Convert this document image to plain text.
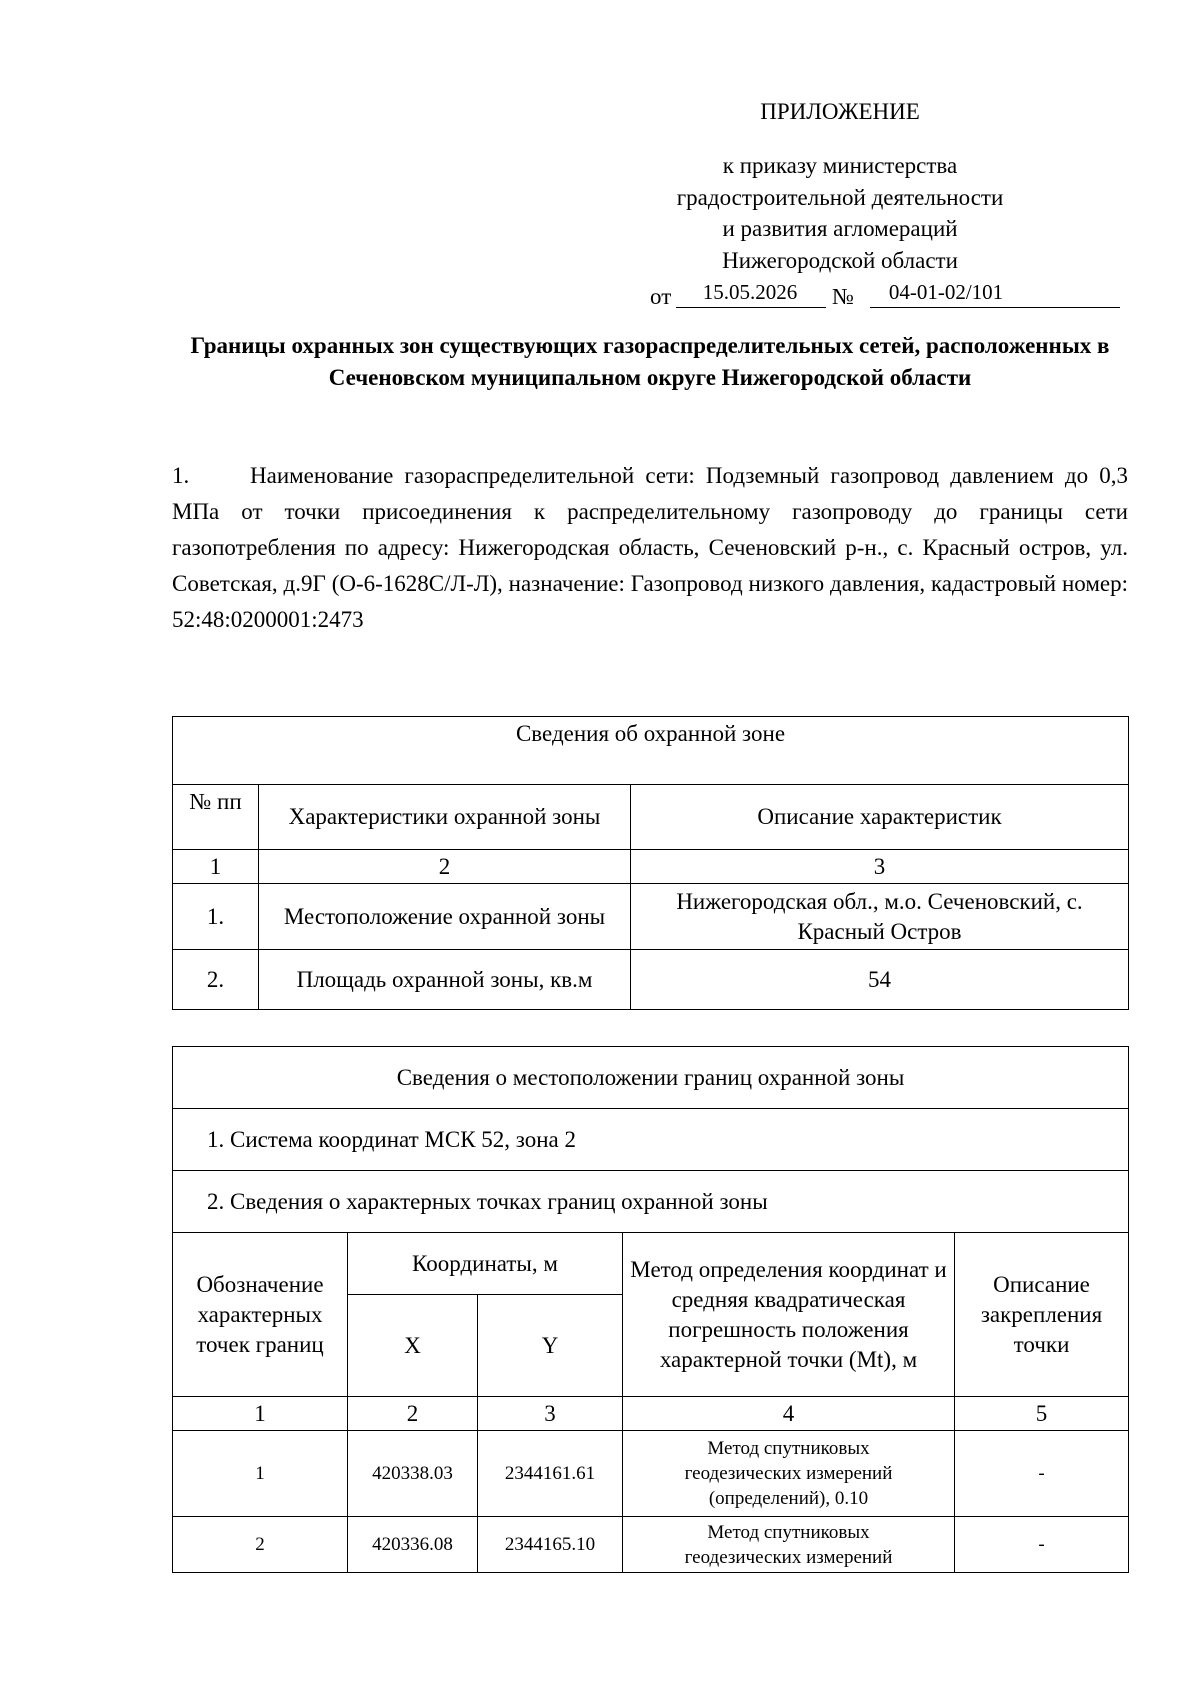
ПРИЛОЖЕНИЕ
к приказу министерства
градостроительной деятельности
и развития агломераций
Нижегородской области
от	15.05.2026	№	04-01-02/101
Границы охранных зон существующих газораспределительных сетей, расположенных в Сеченовском муниципальном округе Нижегородской области
1.	Наименование газораспределительной сети: Подземный газопровод давлением до 0,3 МПа от точки присоединения к распределительному газопроводу до границы сети газопотребления по адресу: Нижегородская область, Сеченовский р-н., с. Красный остров, ул. Советская, д.9Г (О-6-1628С/Л-Л), назначение: Газопровод низкого давления, кадастровый номер: 52:48:0200001:2473
Сведения об охранной зоне		
№ пп	Характеристики охранной зоны	Описание характеристик
1	2	3
1.	Местоположение охранной зоны	Нижегородская обл., м.о. Сеченовский, с. Красный Остров
2.	Площадь охранной зоны, кв.м	54
Сведения о местоположении границ охранной зоны				
1. Система координат МСК 52, зона 2				
2. Сведения о характерных точках границ охранной зоны				
Обозначение характерных точек границ	Координаты, м		Метод определения координат и средняя квадратическая погрешность положения характерной точки (Mt), м	Описание закрепления точки
	X	Y		
1	2	3	4	5
1	420338.03	2344161.61	Метод спутниковых геодезических измерений (определений), 0.10	-
2	420336.08	2344165.10	Метод спутниковых геодезических измерений	-
